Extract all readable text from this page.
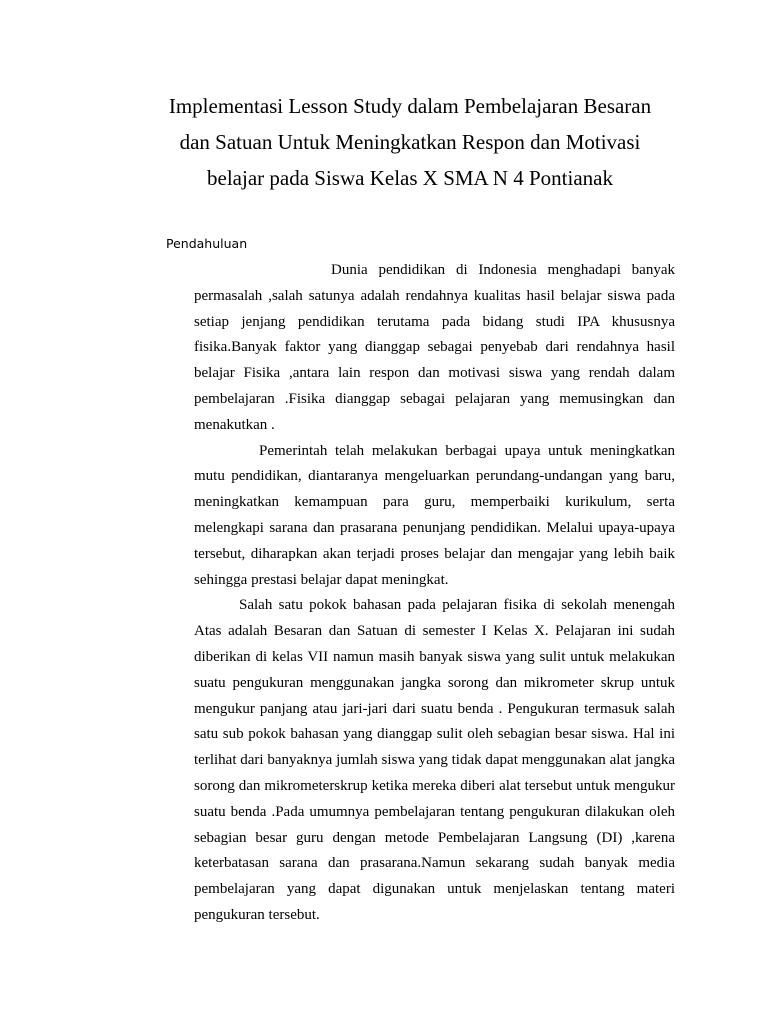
Implementasi Lesson Study dalam Pembelajaran Besaran
dan Satuan Untuk Meningkatkan Respon dan Motivasi
belajar pada Siswa Kelas X SMA N 4 Pontianak
Pendahuluan

Dunia pendidikan di Indonesia menghadapi banyak permasalah ,salah satunya adalah rendahnya kualitas hasil belajar siswa pada setiap jenjang pendidikan terutama pada bidang studi IPA khususnya fisika.Banyak faktor yang dianggap sebagai penyebab dari rendahnya hasil belajar Fisika ,antara lain respon dan motivasi siswa yang rendah dalam pembelajaran .Fisika dianggap sebagai pelajaran yang memusingkan dan menakutkan .

Pemerintah telah melakukan berbagai upaya untuk meningkatkan mutu pendidikan, diantaranya mengeluarkan perundang-undangan yang baru, meningkatkan kemampuan para guru, memperbaiki kurikulum, serta melengkapi sarana dan prasarana penunjang pendidikan. Melalui upaya-upaya tersebut, diharapkan akan terjadi proses belajar dan mengajar yang lebih baik sehingga prestasi belajar dapat meningkat.

Salah satu pokok bahasan pada pelajaran fisika di sekolah menengah Atas adalah Besaran dan Satuan di semester I Kelas X. Pelajaran ini sudah diberikan di kelas VII namun masih banyak siswa yang sulit untuk melakukan suatu pengukuran menggunakan jangka sorong dan mikrometer skrup untuk mengukur panjang atau jari-jari dari suatu benda . Pengukuran termasuk salah satu sub pokok bahasan yang dianggap sulit oleh sebagian besar siswa. Hal ini terlihat dari banyaknya jumlah siswa yang tidak dapat menggunakan alat jangka sorong dan mikrometerskrup ketika mereka diberi alat tersebut untuk mengukur suatu benda .Pada umumnya pembelajaran tentang pengukuran dilakukan oleh sebagian besar guru dengan metode Pembelajaran Langsung (DI) ,karena keterbatasan sarana dan prasarana.Namun sekarang sudah banyak media pembelajaran yang dapat digunakan untuk menjelaskan tentang materi pengukuran tersebut.
